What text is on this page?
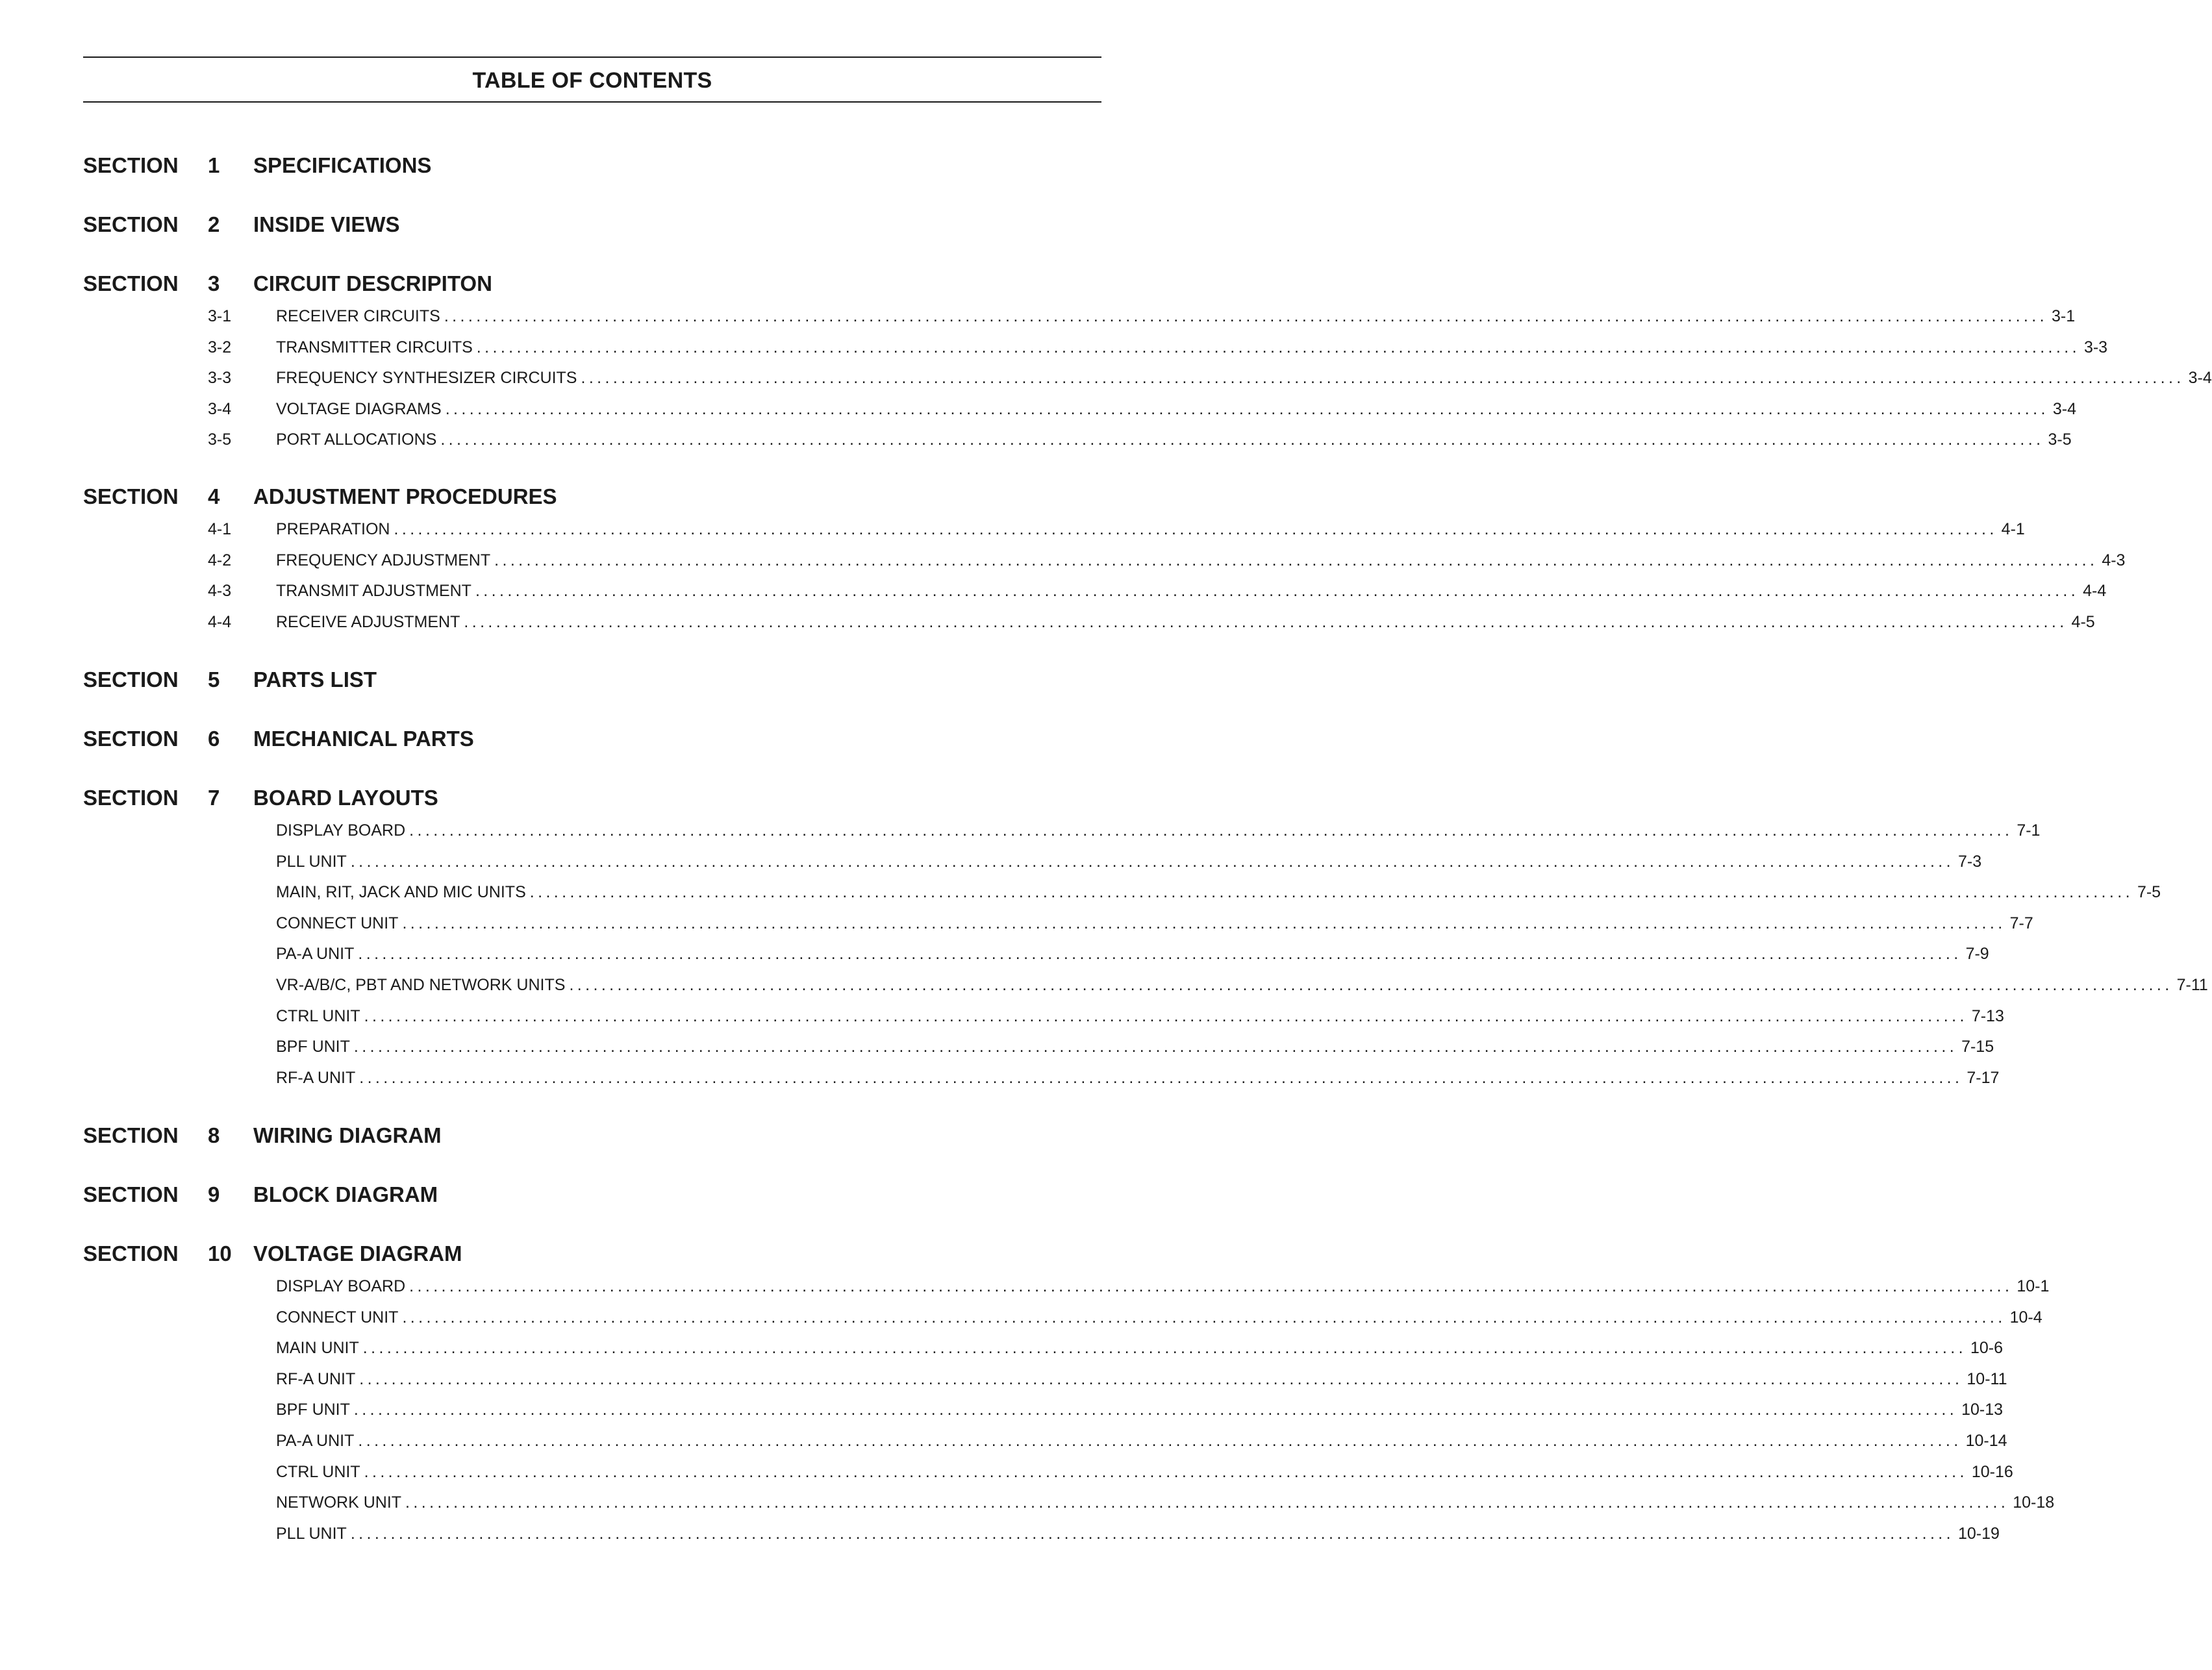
TABLE OF CONTENTS
SECTION 1 SPECIFICATIONS
SECTION 2 INSIDE VIEWS
SECTION 3 CIRCUIT DESCRIPITON
3-1	RECEIVER CIRCUITS ........................................................................................................................................................................................................ 3-1
3-2	TRANSMITTER CIRCUITS ........................................................................................................................................................................................................ 3-3
3-3	FREQUENCY SYNTHESIZER CIRCUITS ........................................................................................................................................................................................................ 3-4
3-4	VOLTAGE DIAGRAMS ........................................................................................................................................................................................................ 3-4
3-5	PORT ALLOCATIONS ........................................................................................................................................................................................................ 3-5
SECTION 4 ADJUSTMENT PROCEDURES
4-1	PREPARATION ........................................................................................................................................................................................................ 4-1
4-2	FREQUENCY ADJUSTMENT ........................................................................................................................................................................................................ 4-3
4-3	TRANSMIT ADJUSTMENT ........................................................................................................................................................................................................ 4-4
4-4	RECEIVE ADJUSTMENT ........................................................................................................................................................................................................ 4-5
SECTION 5 PARTS LIST
SECTION 6 MECHANICAL PARTS
SECTION 7 BOARD LAYOUTS
DISPLAY BOARD ........................................................................................................................................................................................................ 7-1
PLL UNIT ........................................................................................................................................................................................................ 7-3
MAIN, RIT, JACK AND MIC UNITS ........................................................................................................................................................................................................ 7-5
CONNECT UNIT ........................................................................................................................................................................................................ 7-7
PA-A UNIT ........................................................................................................................................................................................................ 7-9
VR-A/B/C, PBT AND NETWORK UNITS ........................................................................................................................................................................................................ 7-11
CTRL UNIT ........................................................................................................................................................................................................ 7-13
BPF UNIT ........................................................................................................................................................................................................ 7-15
RF-A UNIT ........................................................................................................................................................................................................ 7-17
SECTION 8 WIRING DIAGRAM
SECTION 9 BLOCK DIAGRAM
SECTION 10 VOLTAGE DIAGRAM
DISPLAY BOARD ........................................................................................................................................................................................................ 10-1
CONNECT UNIT ........................................................................................................................................................................................................ 10-4
MAIN UNIT ........................................................................................................................................................................................................ 10-6
RF-A UNIT ........................................................................................................................................................................................................ 10-11
BPF UNIT ........................................................................................................................................................................................................ 10-13
PA-A UNIT ........................................................................................................................................................................................................ 10-14
CTRL UNIT ........................................................................................................................................................................................................ 10-16
NETWORK UNIT ........................................................................................................................................................................................................ 10-18
PLL UNIT ........................................................................................................................................................................................................ 10-19
